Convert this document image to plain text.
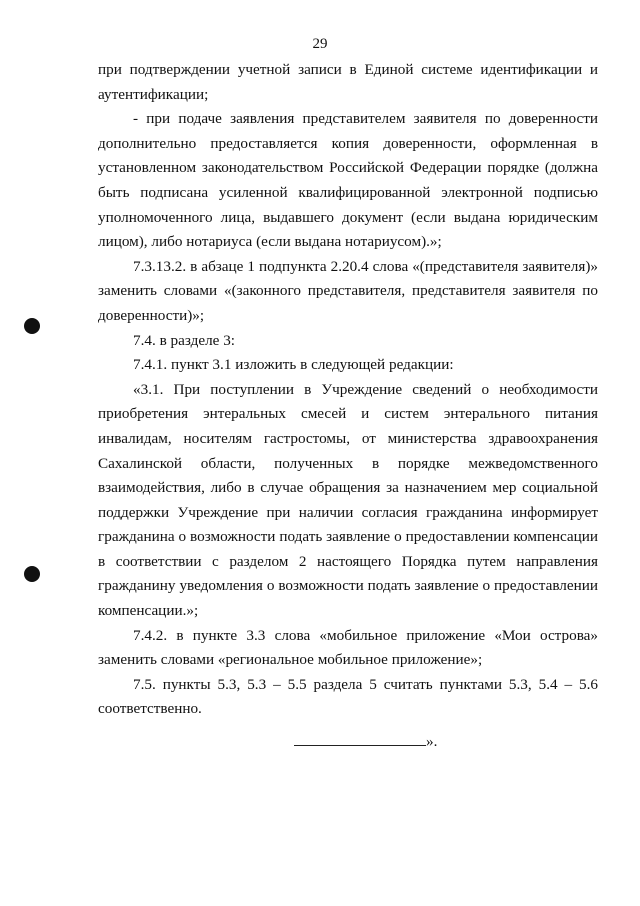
29

при подтверждении учетной записи в Единой системе идентификации и аутентификации;

- при подаче заявления представителем заявителя по доверенности дополнительно предоставляется копия доверенности, оформленная в установленном законодательством Российской Федерации порядке (должна быть подписана усиленной квалифицированной электронной подписью уполномоченного лица, выдавшего документ (если выдана юридическим лицом), либо нотариуса (если выдана нотариусом).»;

7.3.13.2. в абзаце 1 подпункта 2.20.4 слова «(представителя заявителя)» заменить словами «(законного представителя, представителя заявителя по доверенности)»;

7.4. в разделе 3:

7.4.1. пункт 3.1 изложить в следующей редакции:

«3.1. При поступлении в Учреждение сведений о необходимости приобретения энтеральных смесей и систем энтерального питания инвалидам, носителям гастростомы, от министерства здравоохранения Сахалинской области, полученных в порядке межведомственного взаимодействия, либо в случае обращения за назначением мер социальной поддержки Учреждение при наличии согласия гражданина информирует гражданина о возможности подать заявление о предоставлении компенсации в соответствии с разделом 2 настоящего Порядка путем направления гражданину уведомления о возможности подать заявление о предоставлении компенсации.»;

7.4.2. в пункте 3.3 слова «мобильное приложение «Мои острова» заменить словами «региональное мобильное приложение»;

7.5. пункты 5.3, 5.3 – 5.5 раздела 5 считать пунктами 5.3, 5.4 – 5.6 соответственно.

».
